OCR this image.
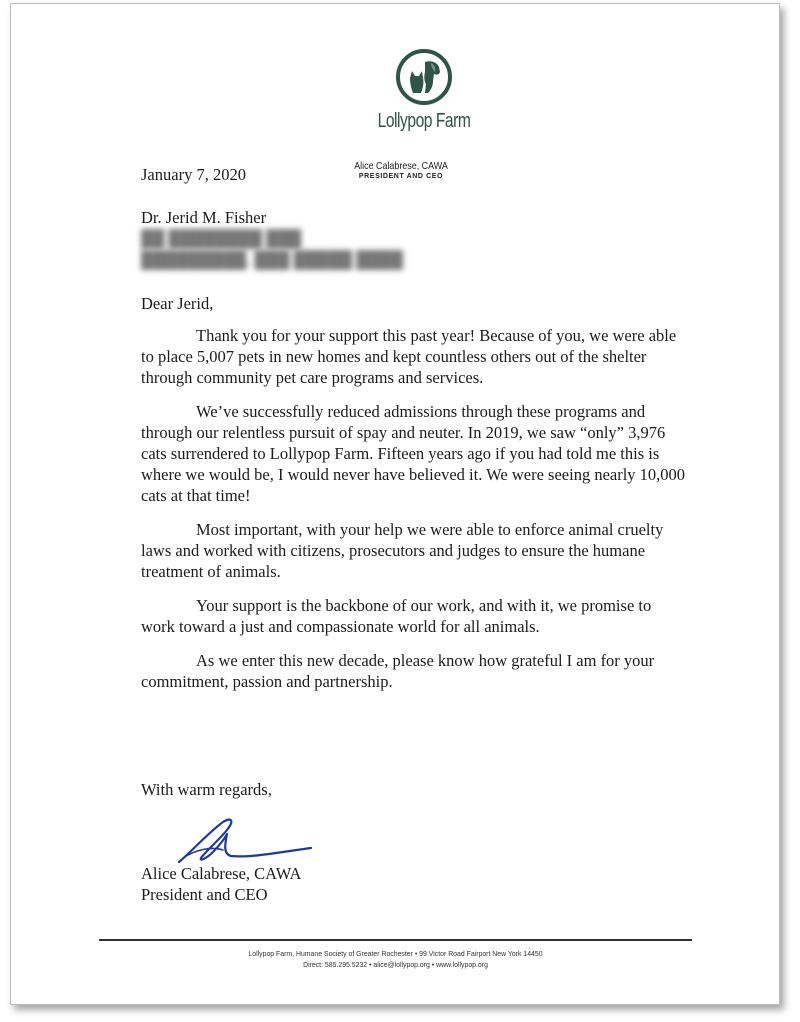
Lollypop Farm
Alice Calabrese, CAWA
PRESIDENT AND CEO
January 7, 2020
Dr. Jerid M. Fisher
██ ████████ ███
█████████, ███ █████ ████
Dear Jerid,

Thank you for your support this past year! Because of you, we were able to place 5,007 pets in new homes and kept countless others out of the shelter through community pet care programs and services.

We’ve successfully reduced admissions through these programs and through our relentless pursuit of spay and neuter. In 2019, we saw “only” 3,976 cats surrendered to Lollypop Farm. Fifteen years ago if you had told me this is where we would be, I would never have believed it. We were seeing nearly 10,000 cats at that time!

Most important, with your help we were able to enforce animal cruelty laws and worked with citizens, prosecutors and judges to ensure the humane treatment of animals.

Your support is the backbone of our work, and with it, we promise to work toward a just and compassionate world for all animals.

As we enter this new decade, please know how grateful I am for your commitment, passion and partnership.

With warm regards,
Alice Calabrese, CAWA
President and CEO
Lollypop Farm, Humane Society of Greater Rochester • 99 Victor Road Fairport New York 14450
Direct: 585.295.5232 • alice@lollypop.org • www.lollypop.org
